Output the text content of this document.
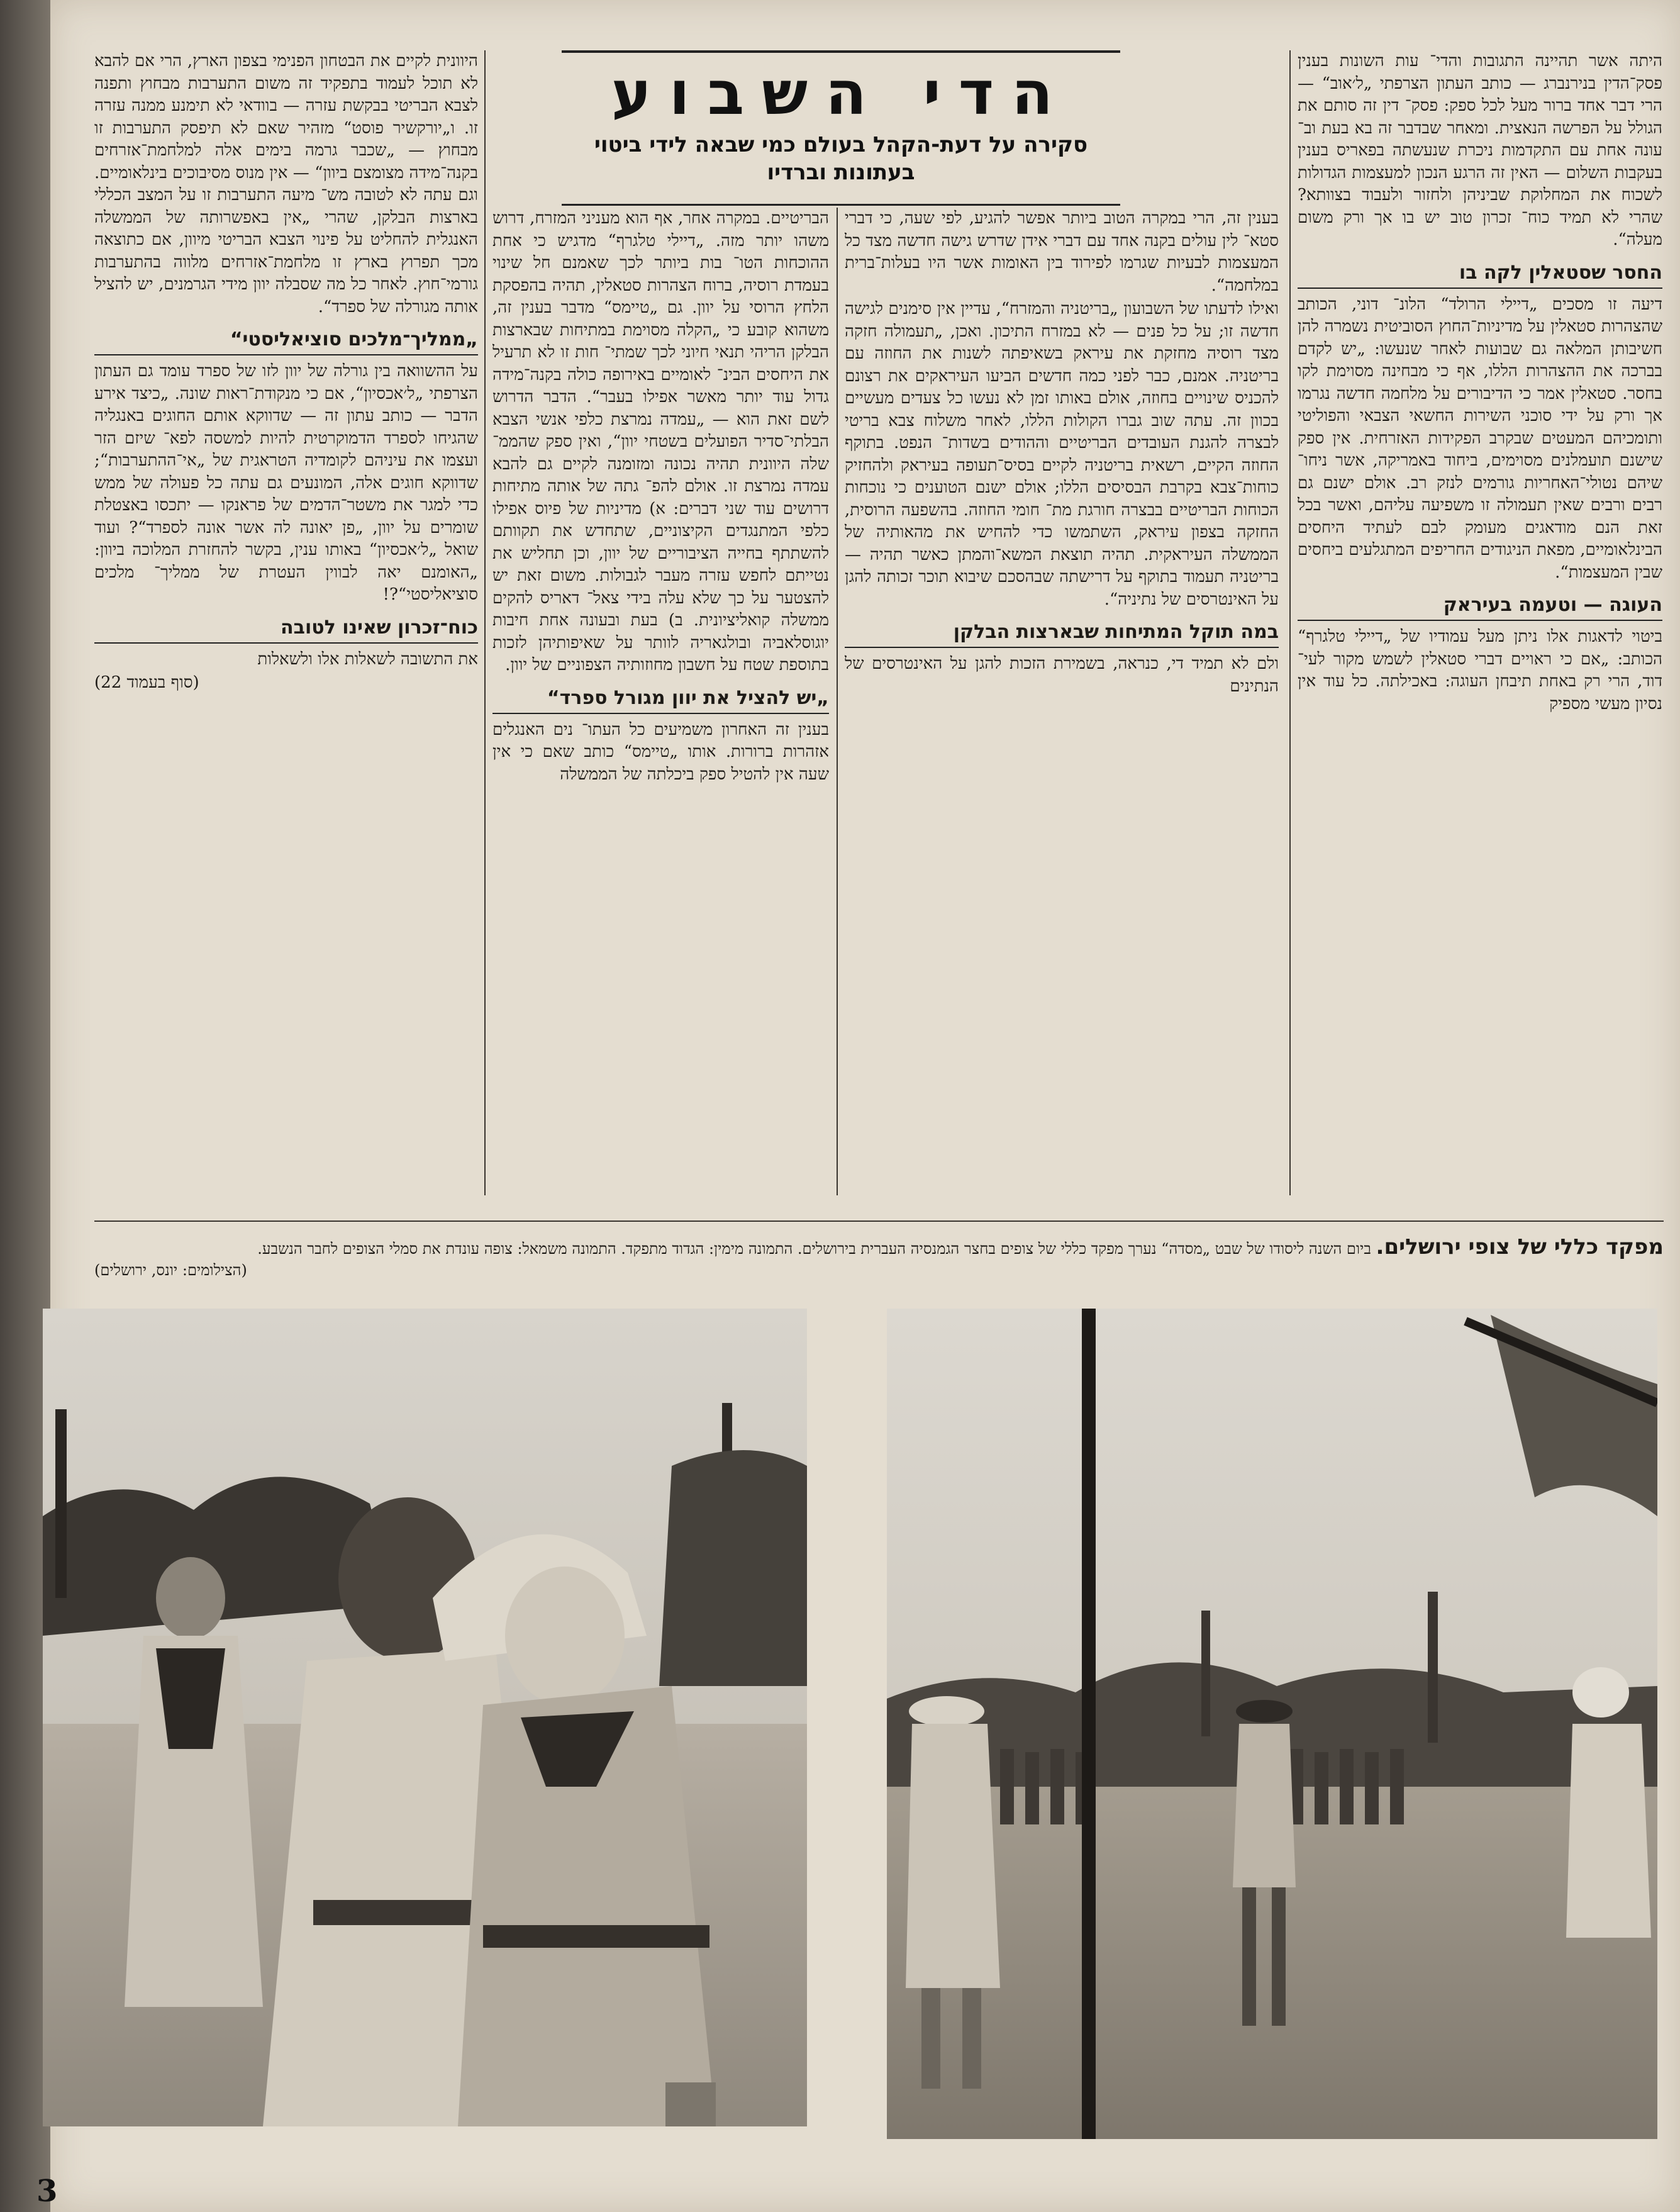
היתה אשר תהיינה התגובות והדי־ עות השונות בענין פסק־הדין בנירנברג — כותב העתון הצרפתי „ל׳אוב“ — הרי דבר אחד ברור מעל לכל ספק: פסק־ דין זה סותם את הגולל על הפרשה הנאצית. ומאחר שבדבר זה בא בעת וב־ עונה אחת עם התקדמות ניכרת שנעשתה בפאריס בענין בעקבות השלום — האין זה הרגע הנכון למעצמות הגדולות לשכוח את המחלוקת שביניהן ולחזור ולעבוד בצוותא? שהרי לא תמיד כוח־ זכרון טוב יש בו אך ורק משום מעלה“.

החסר שסטאלין לקה בו

דיעה זו מסכים „דיילי הרולד“ הלונ־ דוני, הכותב שהצהרות סטאלין על מדיניות־החוץ הסוביטית נשמרה להן חשיבותן המלאה גם שבועות לאחר שנעשו: „יש לקדם בברכה את ההצהרות הללו, אף כי מבחינה מסוימת לקו בחסר. סטאלין אמר כי הדיבורים על מלחמה חדשה נגרמו אך ורק על ידי סוכני השירות החשאי הצבאי והפוליטי ותומכיהם המעטים שבקרב הפקידות האזרחית. אין ספק שישנם תועמלנים מסוימים, ביחוד באמריקה, אשר ניחו־ שיהם נטולי־האחריות גורמים לנזק רב. אולם ישנם גם רבים ורבים שאין תעמולה זו משפיעה עליהם, ואשר בכל זאת הנם מודאגים מעומק לבם לעתיד היחסים הבינלאומיים, מפאת הניגודים החריפים המתגלעים ביחסים שבין המעצמות“.

העוגה — וטעמה בעיראק

ביטוי לדאגות אלו ניתן מעל עמודיו של „דיילי טלגרף“ הכותב: „אם כי ראויים דברי סטאלין לשמש מקור לעי־ דוד, הרי רק באחת תיבחן העוגה: באכילתה. כל עוד אין נסיון מעשי מספיק

הדי השבוע
סקירה על דעת-הקהל בעולם כמי שבאה לידי ביטוי
בעתונות וברדיו

בענין זה, הרי במקרה הטוב ביותר אפשר להגיע, לפי שעה, כי דברי סטא־ לין עולים בקנה אחד עם דברי אידן שדרש גישה חדשה מצד כל המעצמות לבעיות שגרמו לפירוד בין האומות אשר היו בעלות־ברית במלחמה“.

ואילו לדעתו של השבועון „בריטניה והמזרח“, עדיין אין סימנים לגישה חדשה זו; על כל פנים — לא במזרח התיכון. ואכן, „תעמולה חזקה מצד רוסיה מחזקת את עיראק בשאיפתה לשנות את החוזה עם בריטניה. אמנם, כבר לפני כמה חדשים הביעו העיראקים את רצונם להכניס שינויים בחוזה, אולם באותו זמן לא נעשו כל צעדים מעשיים בכוון זה. עתה שוב גברו הקולות הללו, לאחר משלוח צבא בריטי לבצרה להגנת העובדים הבריטיים וההודים בשדות־ הנפט. בתוקף החוזה הקיים, רשאית בריטניה לקיים בסיס־תעופה בעיראק ולהחזיק כוחות־צבא בקרבת הבסיסים הללו; אולם ישנם הטוענים כי נוכחות הכוחות הבריטיים בבצרה חורגת מת־ חומי החוזה. בהשפעה הרוסית, החזקה בצפון עיראק, השתמשו כדי להחיש את מהאותיה של הממשלה העיראקית. תהיה תוצאת המשא־והמתן כאשר תהיה — בריטניה תעמוד בתוקף על דרישתה שבהסכם שיבוא תוכר זכותה להגן על האינטרסים של נתיניה“.

במה תוקל המתיחות שבארצות הבלקן

ולם לא תמיד די, כנראה, בשמירת הזכות להגן על האינטרסים של הנתינים

הבריטיים. במקרה אחר, אף הוא מעניני המזרח, דרוש משהו יותר מזה. „דיילי טלגרף“ מדגיש כי אחת ההוכחות הטו־ בות ביותר לכך שאמנם חל שינוי בעמדת רוסיה, ברוח הצהרות סטאלין, תהיה בהפסקת הלחץ הרוסי על יוון. גם „טיימס“ מדבר בענין זה, משהוא קובע כי „הקלה מסוימת במתיחות שבארצות הבלקן הריהי תנאי חיוני לכך שמתי־ חות זו לא תרעיל את היחסים הבינ־ לאומיים באירופה כולה בקנה־מידה גדול עוד יותר מאשר אפילו בעבר“. הדבר הדרוש לשם זאת הוא — „עמדה נמרצת כלפי אנשי הצבא הבלתי־סדיר הפועלים בשטחי יוון“, ואין ספק שהממ־ שלה היוונית תהיה נכונה ומזומנה לקיים גם להבא עמדה נמרצת זו. אולם להפ־ גתה של אותה מתיחות דרושים עוד שני דברים: א) מדיניות של פיוס אפילו כלפי המתנגדים הקיצוניים, שתחדש את תקוותם להשתתף בחייה הציבוריים של יוון, וכן תחליש את נטייתם לחפש עזרה מעבר לגבולות. משום זאת יש להצטער על כך שלא עלה בידי צאל־ דאריס להקים ממשלה קואליציונית. ב) בעת ובעונה אחת חיבות יוגוסלאביה ובולגאריה לוותר על שאיפותיהן לזכות בתוספת שטח על חשבון מחוזותיה הצפוניים של יוון.

„יש להציל את יוון מגורל ספרד“

בענין זה האחרון משמיעים כל העתו־ נים האנגלים אזהרות ברורות. אותו „טיימס“ כותב שאם כי אין שעה אין להטיל ספק ביכלתה של הממשלה

היוונית לקיים את הבטחון הפנימי בצפון הארץ, הרי אם להבא לא תוכל לעמוד בתפקיד זה משום התערבות מבחוץ ותפנה לצבא הבריטי בבקשת עזרה — בוודאי לא תימנע ממנה עזרה זו. ו„יורקשיר פוסט“ מזהיר שאם לא תיפסק התערבות זו מבחוץ — „שכבר גרמה בימים אלה למלחמת־אזרחים בקנה־מידה מצומצם ביוון“ — אין מנוס מסיבוכים בינלאומיים. וגם עתה לא לטובה מש־ מיעה התערבות זו על המצב הכללי בארצות הבלקן, שהרי „אין באפשרותה של הממשלה האנגלית להחליט על פינוי הצבא הבריטי מיוון, אם כתוצאה מכך תפרוץ בארץ זו מלחמת־אזרחים מלווה בהתערבות גורמי־חוץ. לאחר כל מה שסבלה יוון מידי הגרמנים, יש להציל אותה מגורלה של ספרד“.

„ממליך־מלכים סוציאליסטי“

על ההשוואה בין גורלה של יוון לזו של ספרד עומד גם העתון הצרפתי „ל׳אכסיון“, אם כי מנקודת־ראות שונה. „כיצד אירע הדבר — כותב עתון זה — שדווקא אותם החוגים באנגליה שהגיחו לספרד הדמוקרטית להיות למשסה לפא־ שיזם הזר ועצמו את עיניהם לקומדיה הטראגית של „אי־ההתערבות“; שדווקא חוגים אלה, המונעים גם עתה כל פעולה של ממש כדי למגר את משטר־הדמים של פראנקו — יתכסו באצטלת שומרים על יוון, „פן יאונה לה אשר אונה לספרד“? ועוד שואל „ל׳אכסיון“ באותו ענין, בקשר להחזרת המלוכה ביוון: „האומנם יאה לבווין העטרת של ממליך־ מלכים סוציאליסטי“?!

כוח־זכרון שאינו לטובה

את התשובה לשאלות אלו ולשאלות

(סוף בעמוד 22)

מפקד כללי של צופי ירושלים. ביום השנה ליסודו של שבט „מסדה“ נערך מפקד כללי של צופים בחצר הגמנסיה העברית בירושלים. התמונה מימין: הגדוד מתפקד. התמונה משמאל: צופה עונדת את סמלי הצופים לחבר הנשבע.
(הצילומים: יונס, ירושלים)
3
